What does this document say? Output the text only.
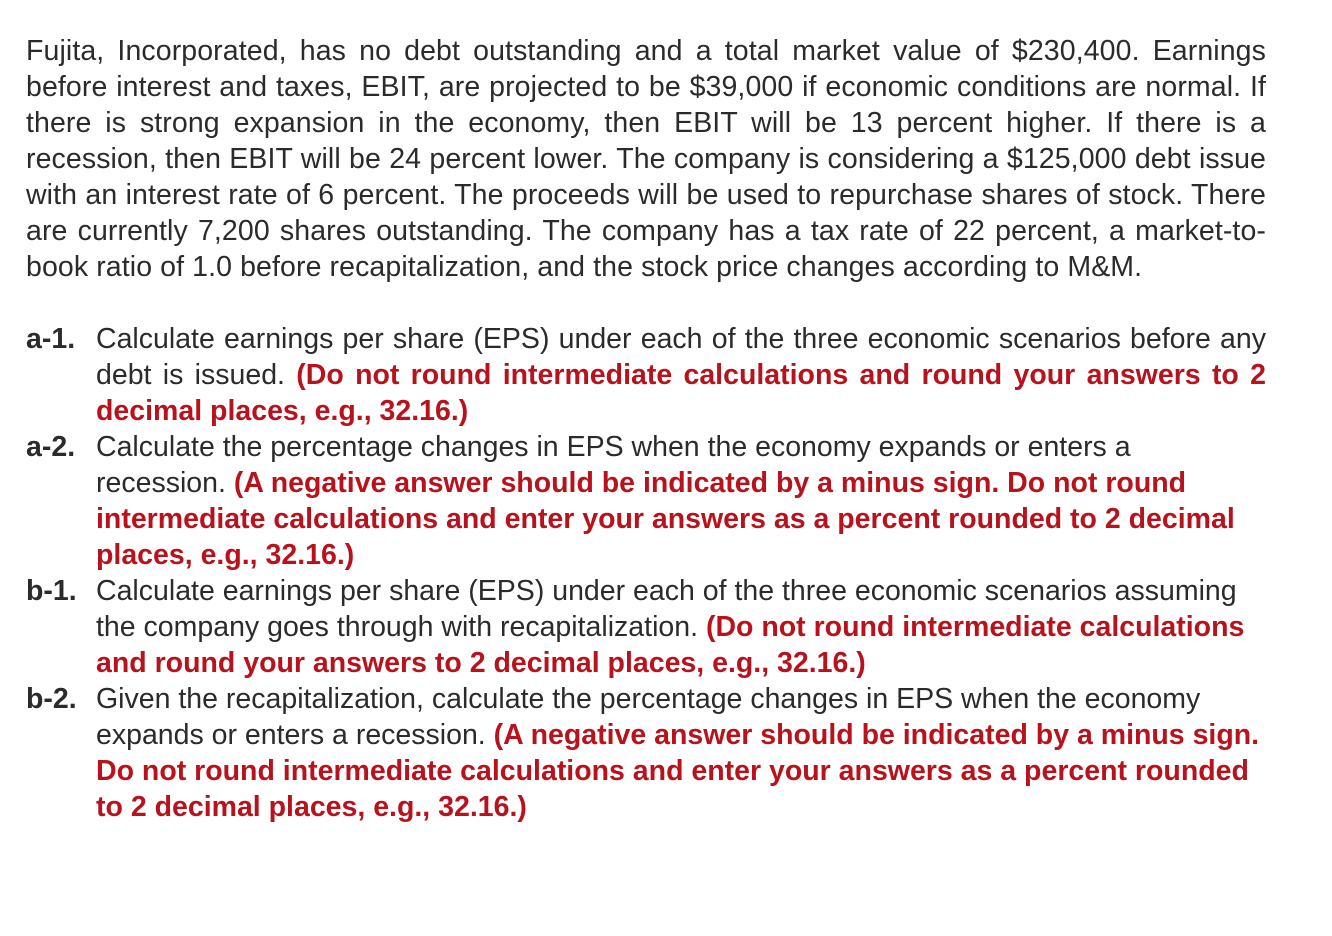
Fujita, Incorporated, has no debt outstanding and a total market value of $230,400. Earnings before interest and taxes, EBIT, are projected to be $39,000 if economic conditions are normal. If there is strong expansion in the economy, then EBIT will be 13 percent higher. If there is a recession, then EBIT will be 24 percent lower. The company is considering a $125,000 debt issue with an interest rate of 6 percent. The proceeds will be used to repurchase shares of stock. There are currently 7,200 shares outstanding. The company has a tax rate of 22 percent, a market-to-book ratio of 1.0 before recapitalization, and the stock price changes according to M&M.

a-1. Calculate earnings per share (EPS) under each of the three economic scenarios before any debt is issued. (Do not round intermediate calculations and round your answers to 2 decimal places, e.g., 32.16.)
a-2. Calculate the percentage changes in EPS when the economy expands or enters a recession. (A negative answer should be indicated by a minus sign. Do not round intermediate calculations and enter your answers as a percent rounded to 2 decimal places, e.g., 32.16.)
b-1. Calculate earnings per share (EPS) under each of the three economic scenarios assuming the company goes through with recapitalization. (Do not round intermediate calculations and round your answers to 2 decimal places, e.g., 32.16.)
b-2. Given the recapitalization, calculate the percentage changes in EPS when the economy expands or enters a recession. (A negative answer should be indicated by a minus sign. Do not round intermediate calculations and enter your answers as a percent rounded to 2 decimal places, e.g., 32.16.)
